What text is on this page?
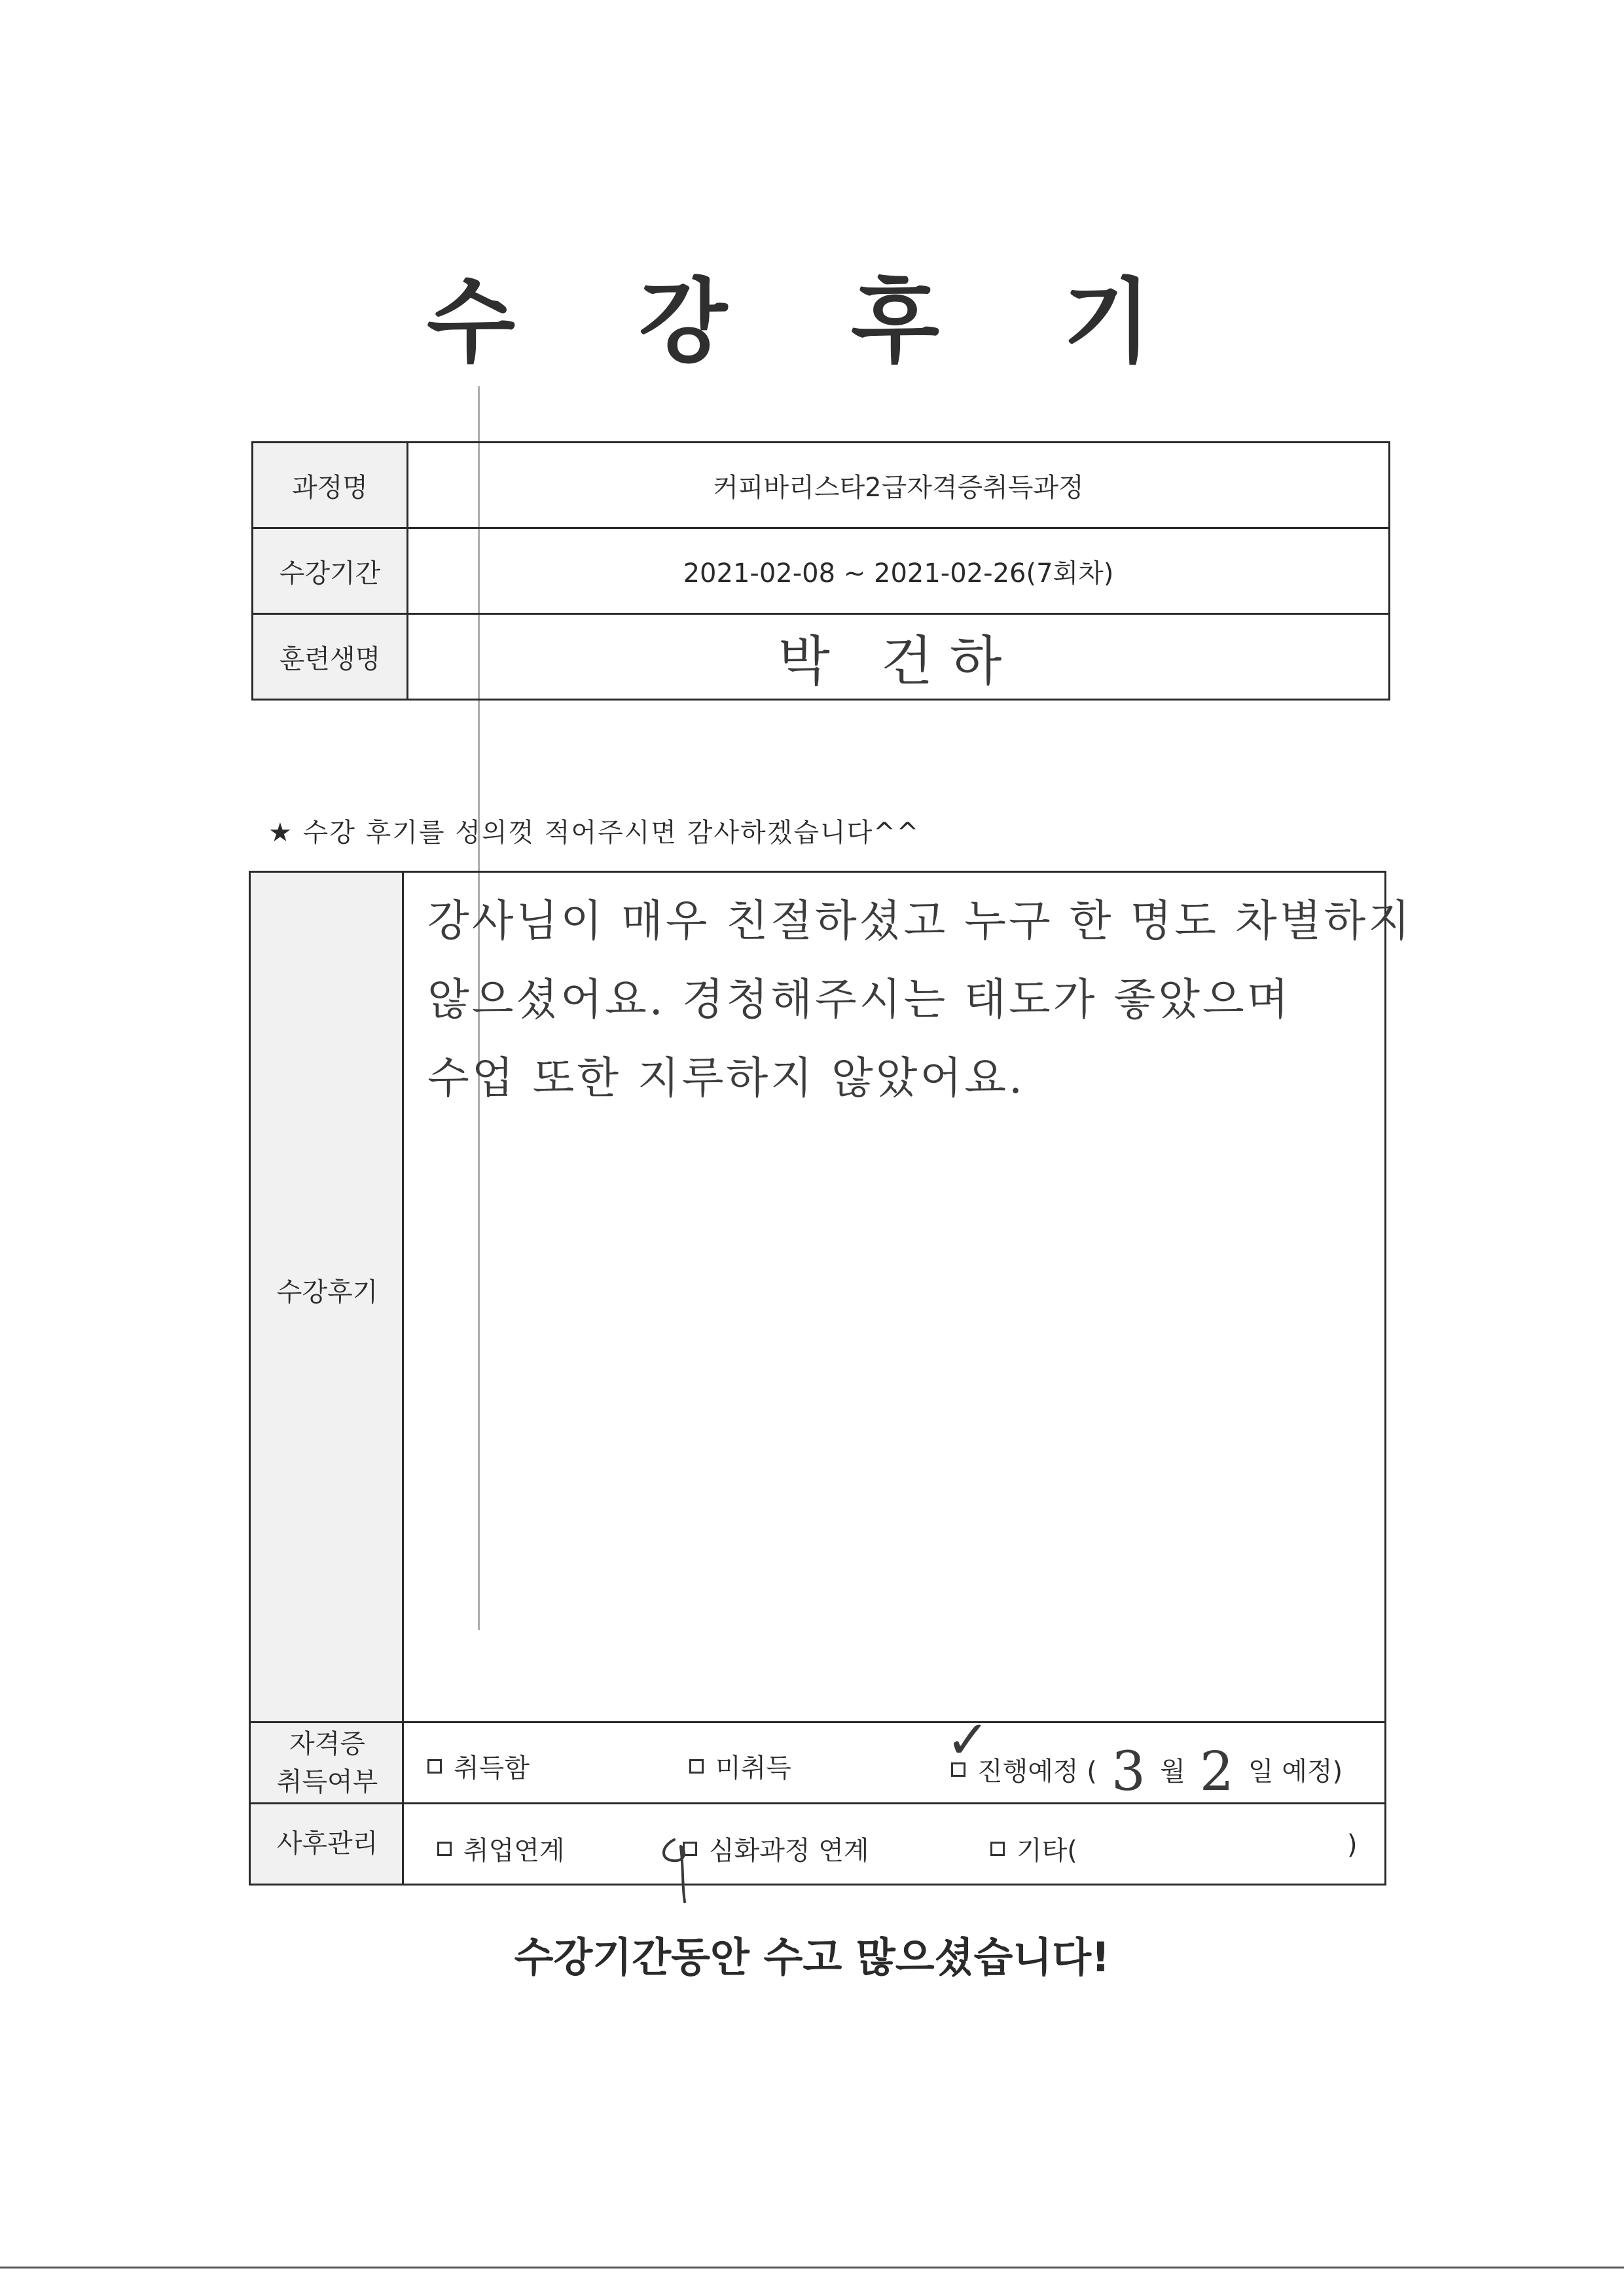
수 강 후 기
과정명	커피바리스타2급자격증취득과정
수강기간	2021-02-08 ~ 2021-02-26(7회차)
훈련생명	박 건하
★ 수강 후기를 성의껏 적어주시면 감사하겠습니다^^
수강후기
강사님이 매우 친절하셨고 누구 한 명도 차별하지
않으셨어요. 경청해주시는 태도가 좋았으며
수업 또한 지루하지 않았어요.
자격증
취득여부	취득함	미취득	진행예정 ( 3 월 2 일 예정)
✓
사후관리	취업연계	심화과정 연계	기타(	)
수강기간동안 수고 많으셨습니다!
